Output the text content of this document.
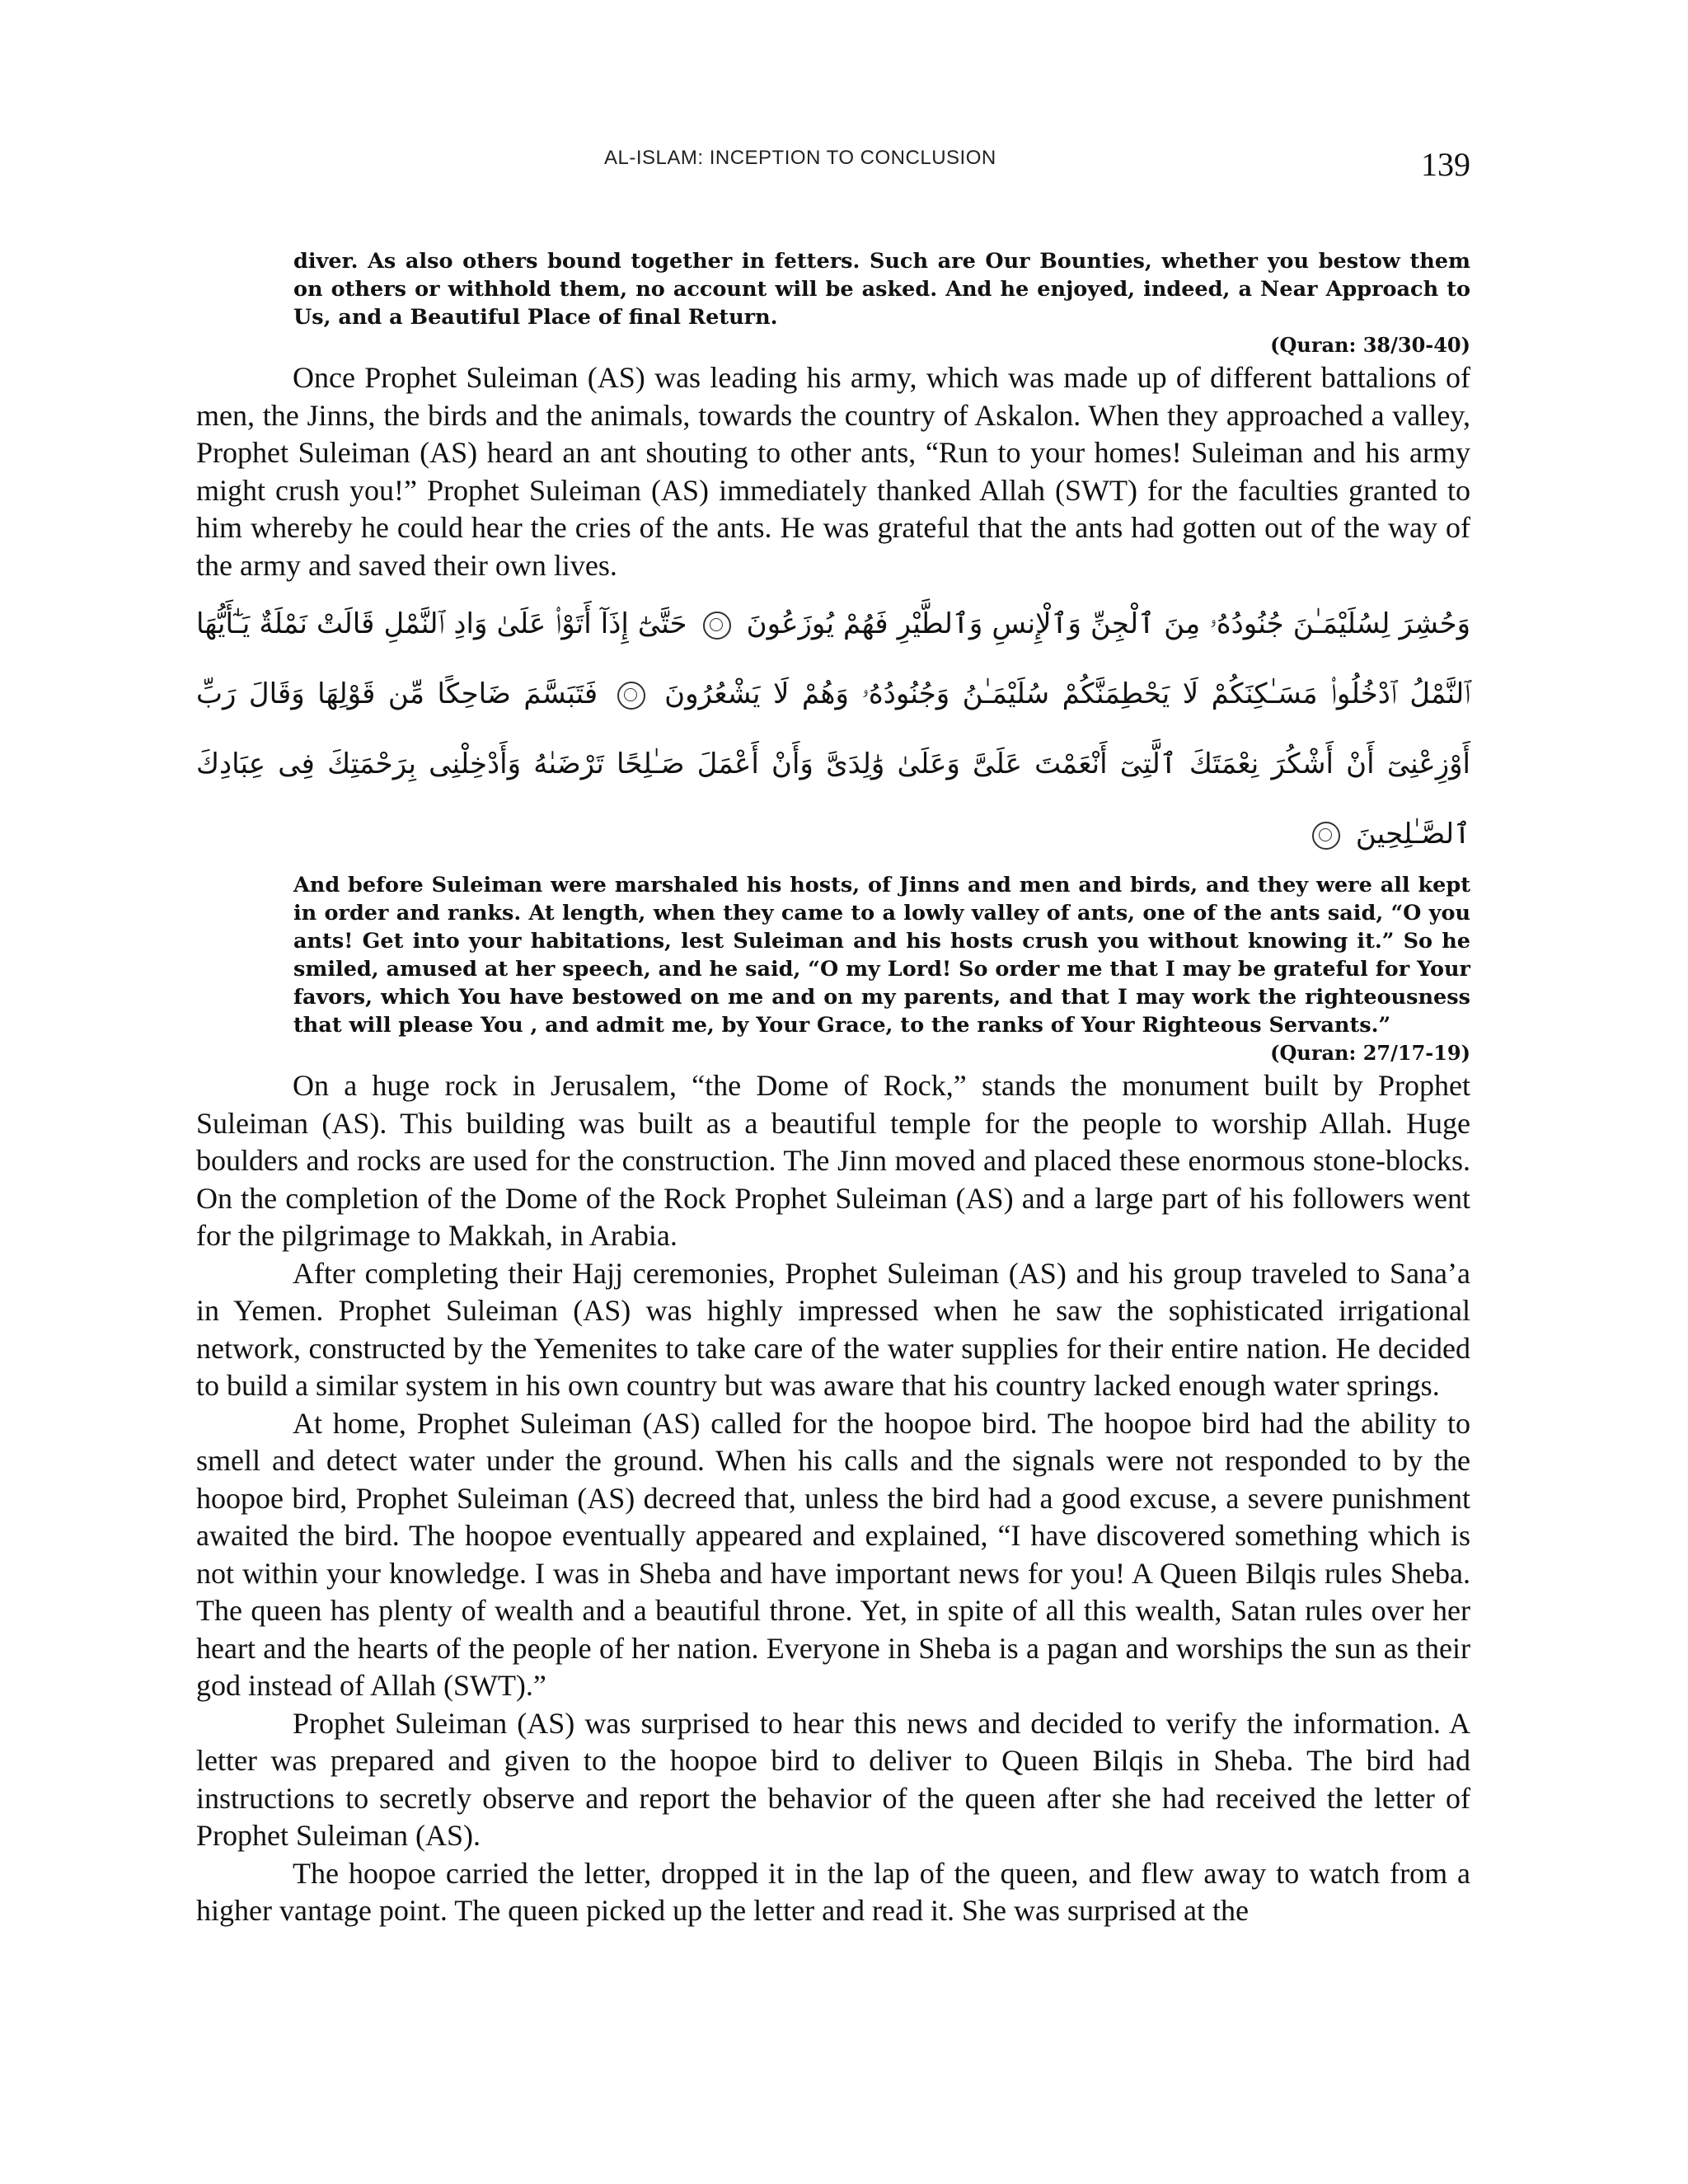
AL-ISLAM: INCEPTION TO CONCLUSION	139

diver. As also others bound together in fetters. Such are Our Bounties, whether you bestow them on others or withhold them, no account will be asked. And he enjoyed, indeed, a Near Approach to Us, and a Beautiful Place of final Return.

(Quran: 38/30-40)

Once Prophet Suleiman (AS) was leading his army, which was made up of different battalions of men, the Jinns, the birds and the animals, towards the country of Askalon. When they approached a valley, Prophet Suleiman (AS) heard an ant shouting to other ants, “Run to your homes! Suleiman and his army might crush you!” Prophet Suleiman (AS) immediately thanked Allah (SWT) for the faculties granted to him whereby he could hear the cries of the ants. He was grateful that the ants had gotten out of the way of the army and saved their own lives.

وَحُشِرَ لِسُلَيْمَـٰنَ جُنُودُهُۥ مِنَ ٱلْجِنِّ وَٱلْإِنسِ وَٱلطَّيْرِ فَهُمْ يُوزَعُونَ  حَتَّىٰٓ إِذَآ أَتَوْا۟ عَلَىٰ وَادِ ٱلنَّمْلِ قَالَتْ نَمْلَةٌ يَـٰٓأَيُّهَا ٱلنَّمْلُ ٱدْخُلُوا۟ مَسَـٰكِنَكُمْ لَا يَحْطِمَنَّكُمْ سُلَيْمَـٰنُ وَجُنُودُهُۥ وَهُمْ لَا يَشْعُرُونَ  فَتَبَسَّمَ ضَاحِكًا مِّن قَوْلِهَا وَقَالَ رَبِّ أَوْزِعْنِىٓ أَنْ أَشْكُرَ نِعْمَتَكَ ٱلَّتِىٓ أَنْعَمْتَ عَلَىَّ وَعَلَىٰ وَٰلِدَىَّ وَأَنْ أَعْمَلَ صَـٰلِحًا تَرْضَىٰهُ وَأَدْخِلْنِى بِرَحْمَتِكَ فِى عِبَادِكَ ٱلصَّـٰلِحِينَ

And before Suleiman were marshaled his hosts, of Jinns and men and birds, and they were all kept in order and ranks. At length, when they came to a lowly valley of ants, one of the ants said, “O you ants! Get into your habitations, lest Suleiman and his hosts crush you without knowing it.” So he smiled, amused at her speech, and he said, “O my Lord! So order me that I may be grateful for Your favors, which You have bestowed on me and on my parents, and that I may work the righteousness that will please You , and admit me, by Your Grace, to the ranks of Your Righteous Servants.”

(Quran: 27/17-19)

On a huge rock in Jerusalem, “the Dome of Rock,” stands the monument built by Prophet Suleiman (AS). This building was built as a beautiful temple for the people to worship Allah. Huge boulders and rocks are used for the construction. The Jinn moved and placed these enormous stone-blocks. On the completion of the Dome of the Rock Prophet Suleiman (AS) and a large part of his followers went for the pilgrimage to Makkah, in Arabia.

After completing their Hajj ceremonies, Prophet Suleiman (AS) and his group traveled to Sana’a in Yemen. Prophet Suleiman (AS) was highly impressed when he saw the sophisticated irrigational network, constructed by the Yemenites to take care of the water supplies for their entire nation. He decided to build a similar system in his own country but was aware that his country lacked enough water springs.

At home, Prophet Suleiman (AS) called for the hoopoe bird. The hoopoe bird had the ability to smell and detect water under the ground. When his calls and the signals were not responded to by the hoopoe bird, Prophet Suleiman (AS) decreed that, unless the bird had a good excuse, a severe punishment awaited the bird. The hoopoe eventually appeared and explained, “I have discovered something which is not within your knowledge. I was in Sheba and have important news for you! A Queen Bilqis rules Sheba. The queen has plenty of wealth and a beautiful throne. Yet, in spite of all this wealth, Satan rules over her heart and the hearts of the people of her nation. Everyone in Sheba is a pagan and worships the sun as their god instead of Allah (SWT).”

Prophet Suleiman (AS) was surprised to hear this news and decided to verify the information. A letter was prepared and given to the hoopoe bird to deliver to Queen Bilqis in Sheba. The bird had instructions to secretly observe and report the behavior of the queen after she had received the letter of Prophet Suleiman (AS).

The hoopoe carried the letter, dropped it in the lap of the queen, and flew away to watch from a higher vantage point. The queen picked up the letter and read it. She was surprised at the
